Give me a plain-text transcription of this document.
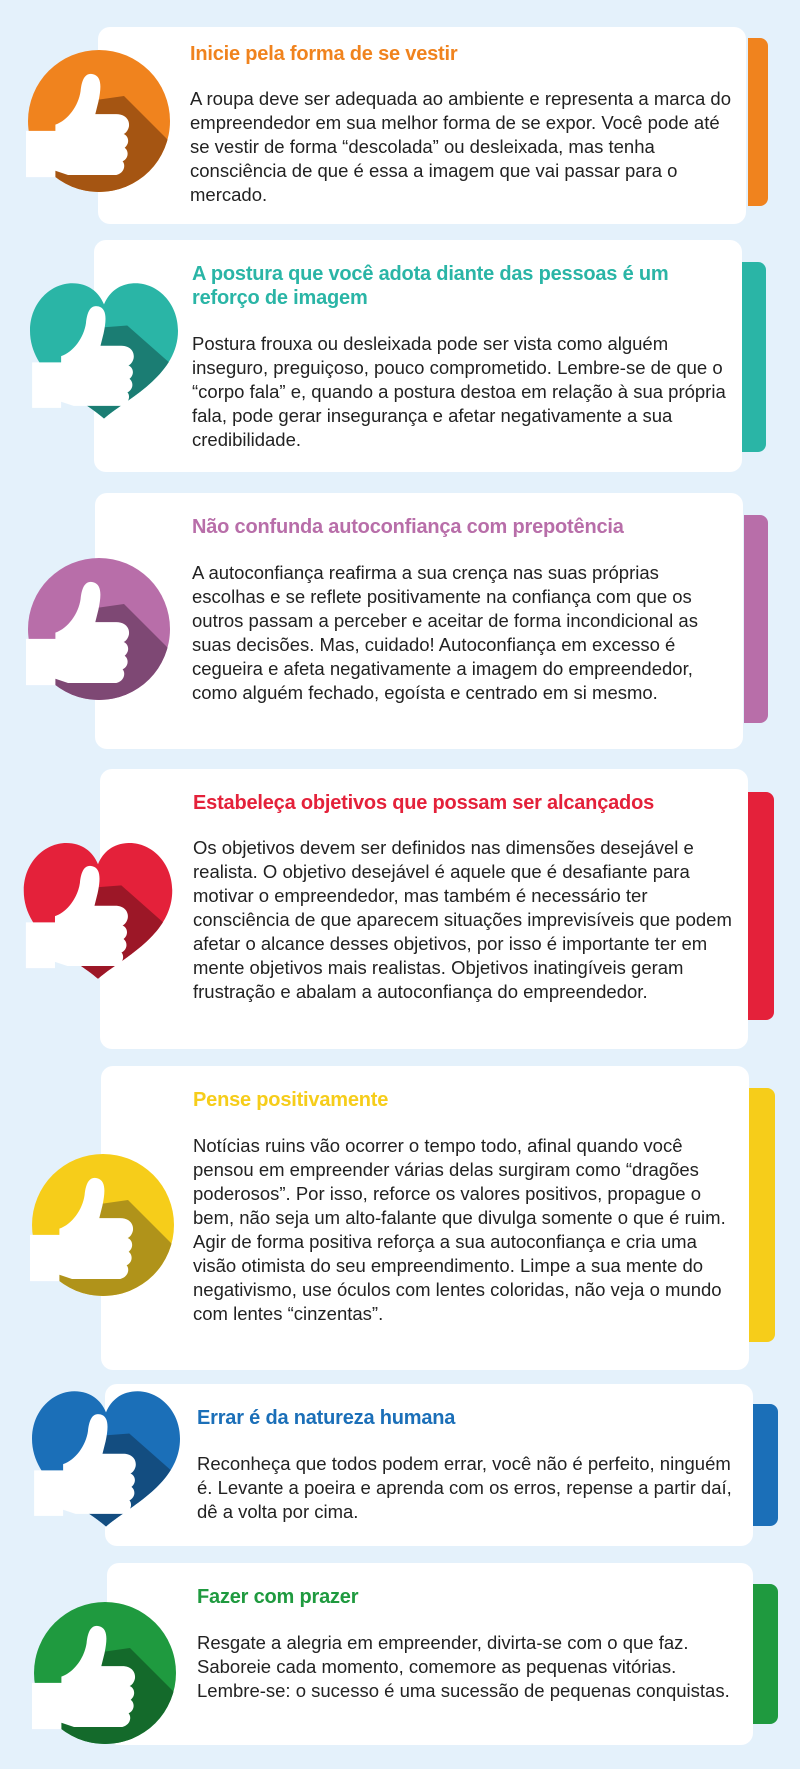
Inicie pela forma de se vestir

A roupa deve ser adequada ao ambiente e representa a marca do empreendedor em sua melhor forma de se expor. Você pode até se vestir de forma “descolada” ou desleixada, mas tenha consciência de que é essa a imagem que vai passar para o mercado.

A postura que você adota diante das pessoas é um reforço de imagem

Postura frouxa ou desleixada pode ser vista como alguém inseguro, preguiçoso, pouco comprometido. Lembre-se de que o “corpo fala” e, quando a postura destoa em relação à sua própria fala, pode gerar insegurança e afetar negativamente a sua credibilidade.

Não confunda autoconfiança com prepotência

A autoconfiança reafirma a sua crença nas suas próprias escolhas e se reflete positivamente na confiança com que os outros passam a perceber e aceitar de forma incondicional as suas decisões. Mas, cuidado! Autoconfiança em excesso é cegueira e afeta negativamente a imagem do empreendedor, como alguém fechado, egoísta e centrado em si mesmo.

Estabeleça objetivos que possam ser alcançados

Os objetivos devem ser definidos nas dimensões desejável e realista. O objetivo desejável é aquele que é desafiante para motivar o empreendedor, mas também é necessário ter consciência de que aparecem situações imprevisíveis que podem afetar o alcance desses objetivos, por isso é importante ter em mente objetivos mais realistas. Objetivos inatingíveis geram frustração e abalam a autoconfiança do empreendedor.

Pense positivamente

Notícias ruins vão ocorrer o tempo todo, afinal quando você pensou em empreender várias delas surgiram como “dragões poderosos”. Por isso, reforce os valores positivos, propague o bem, não seja um alto-falante que divulga somente o que é ruim. Agir de forma positiva reforça a sua autoconfiança e cria uma visão otimista do seu empreendimento. Limpe a sua mente do negativismo, use óculos com lentes coloridas, não veja o mundo com lentes “cinzentas”.

Errar é da natureza humana

Reconheça que todos podem errar, você não é perfeito, ninguém é. Levante a poeira e aprenda com os erros, repense a partir daí, dê a volta por cima.

Fazer com prazer

Resgate a alegria em empreender, divirta-se com o que faz. Saboreie cada momento, comemore as pequenas vitórias. Lembre-se: o sucesso é uma sucessão de pequenas conquistas.
